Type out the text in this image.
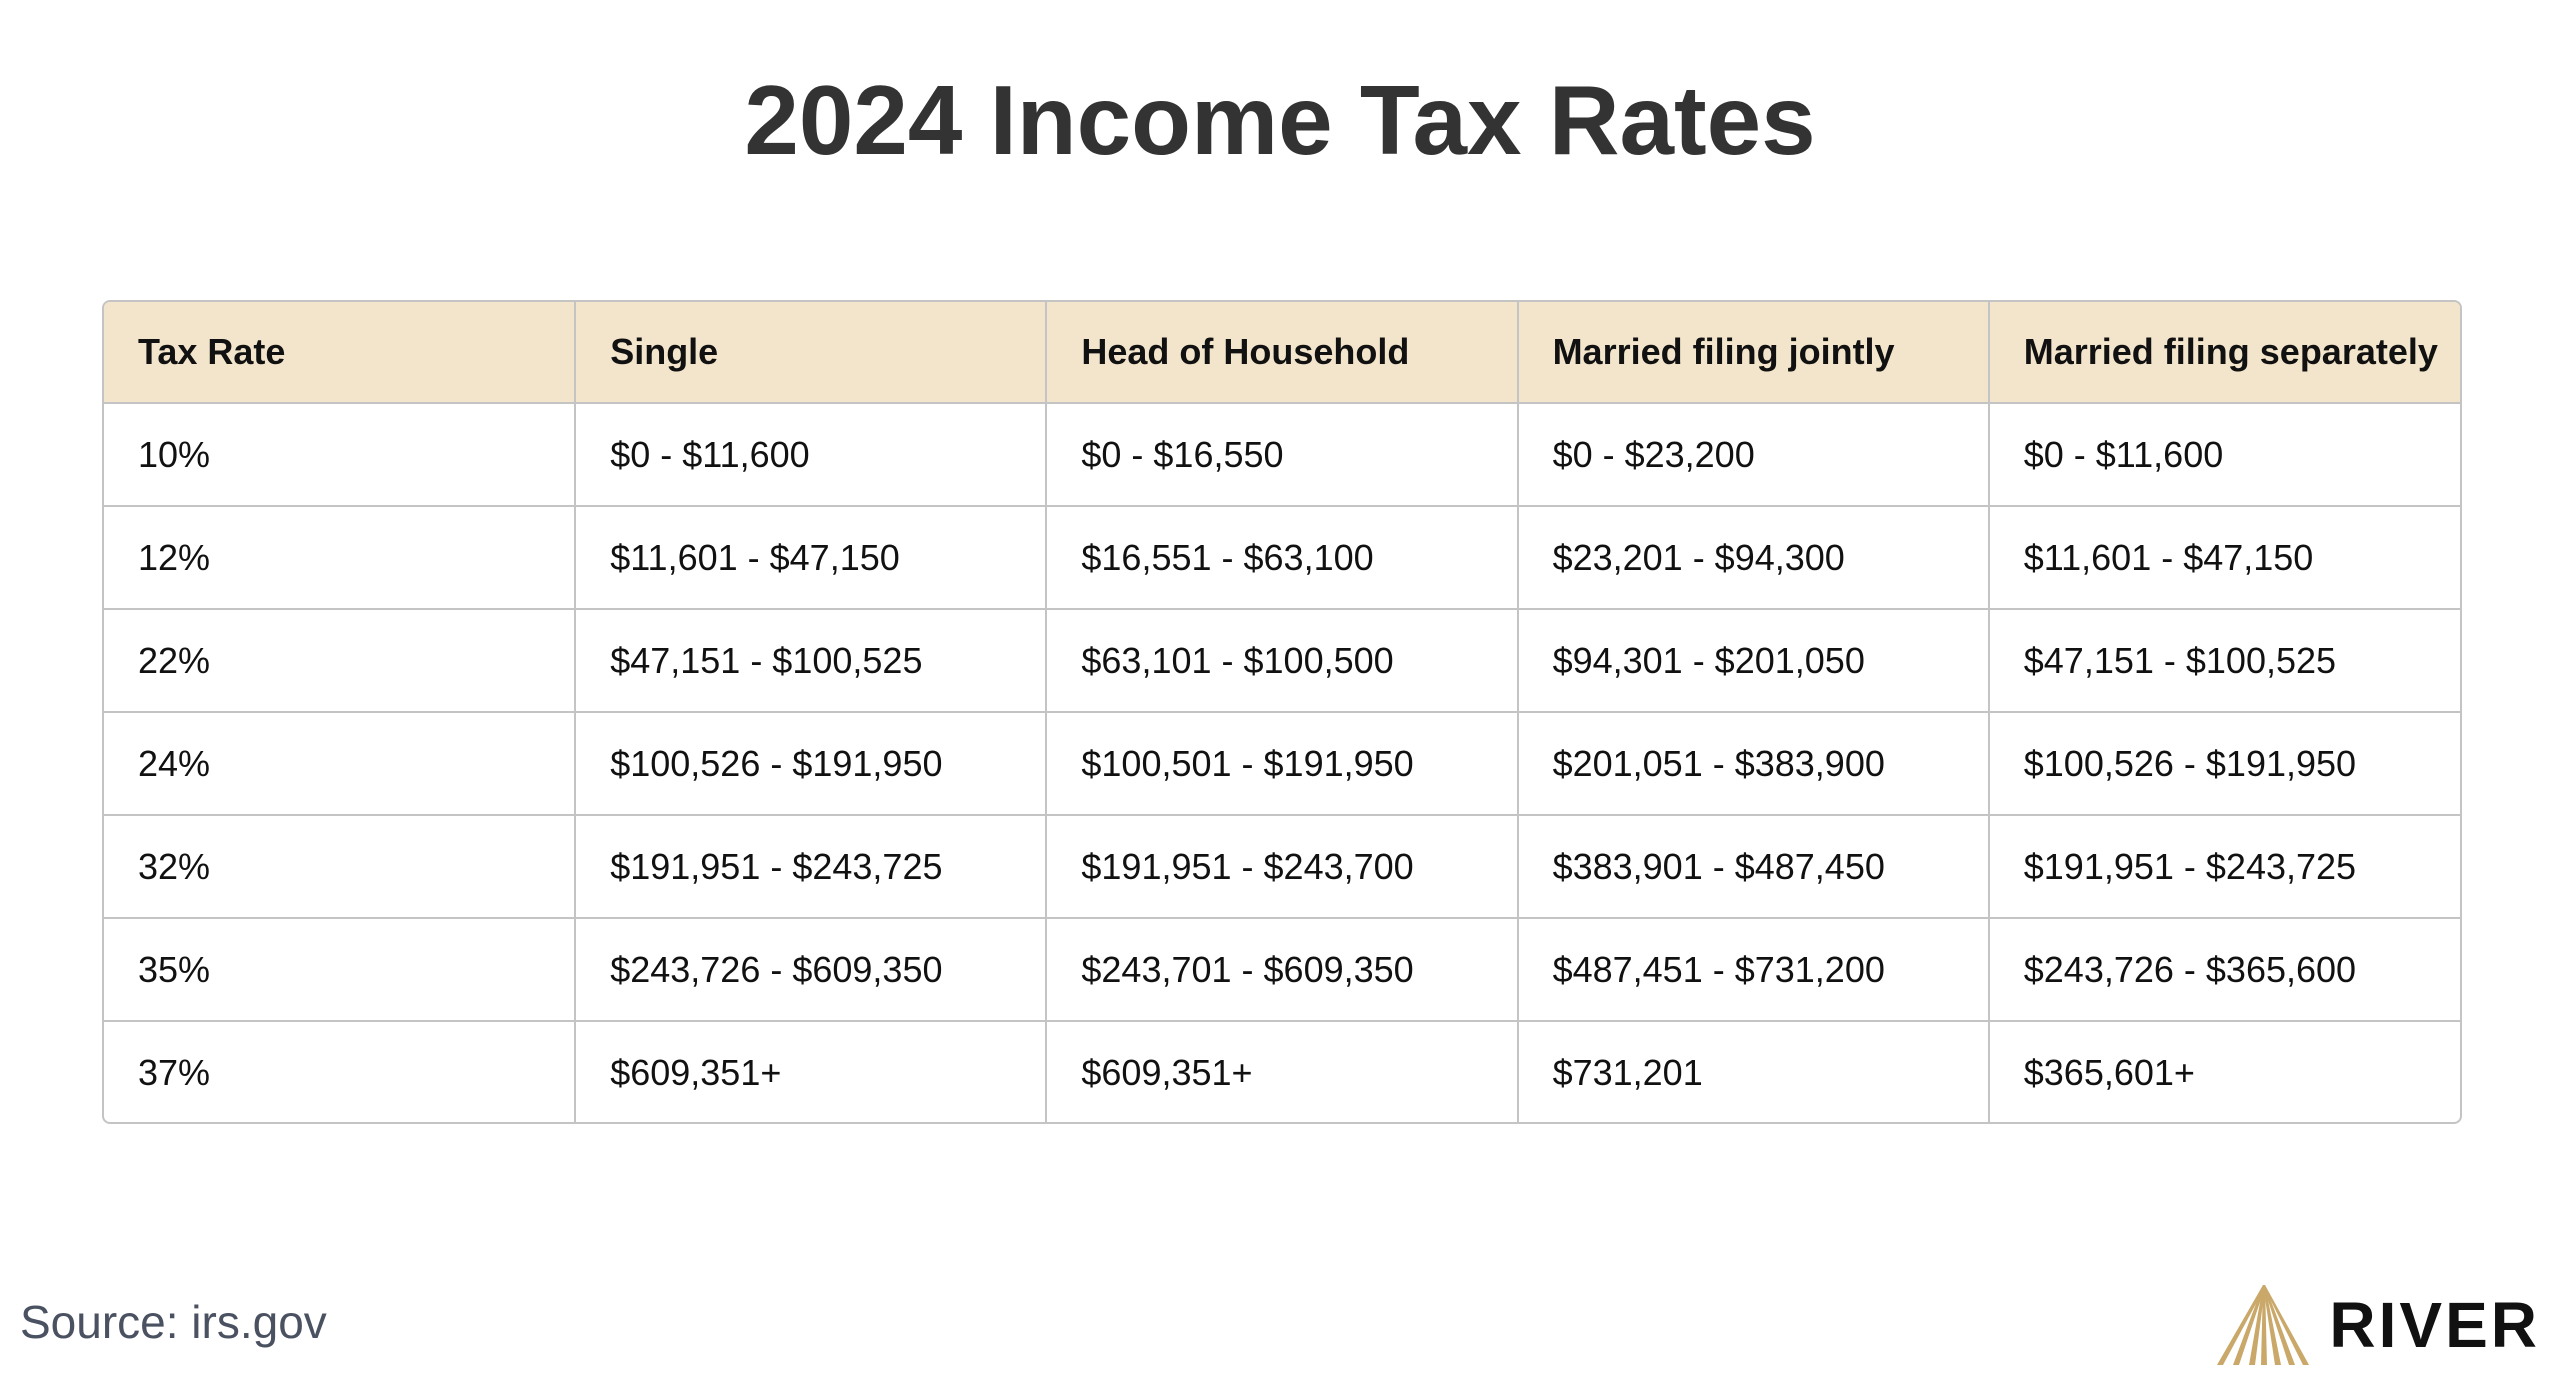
2024 Income Tax Rates
Tax Rate	Single	Head of Household	Married filing jointly	Married filing separately
10%	$0 - $11,600	$0 - $16,550	$0 - $23,200	$0 - $11,600
12%	$11,601 - $47,150	$16,551 - $63,100	$23,201 - $94,300	$11,601 - $47,150
22%	$47,151 - $100,525	$63,101 - $100,500	$94,301 - $201,050	$47,151 - $100,525
24%	$100,526 - $191,950	$100,501 - $191,950	$201,051 - $383,900	$100,526 - $191,950
32%	$191,951 - $243,725	$191,951 - $243,700	$383,901 - $487,450	$191,951 - $243,725
35%	$243,726 - $609,350	$243,701 - $609,350	$487,451 - $731,200	$243,726 - $365,600
37%	$609,351+	$609,351+	$731,201	$365,601+
Source: irs.gov	RIVER
